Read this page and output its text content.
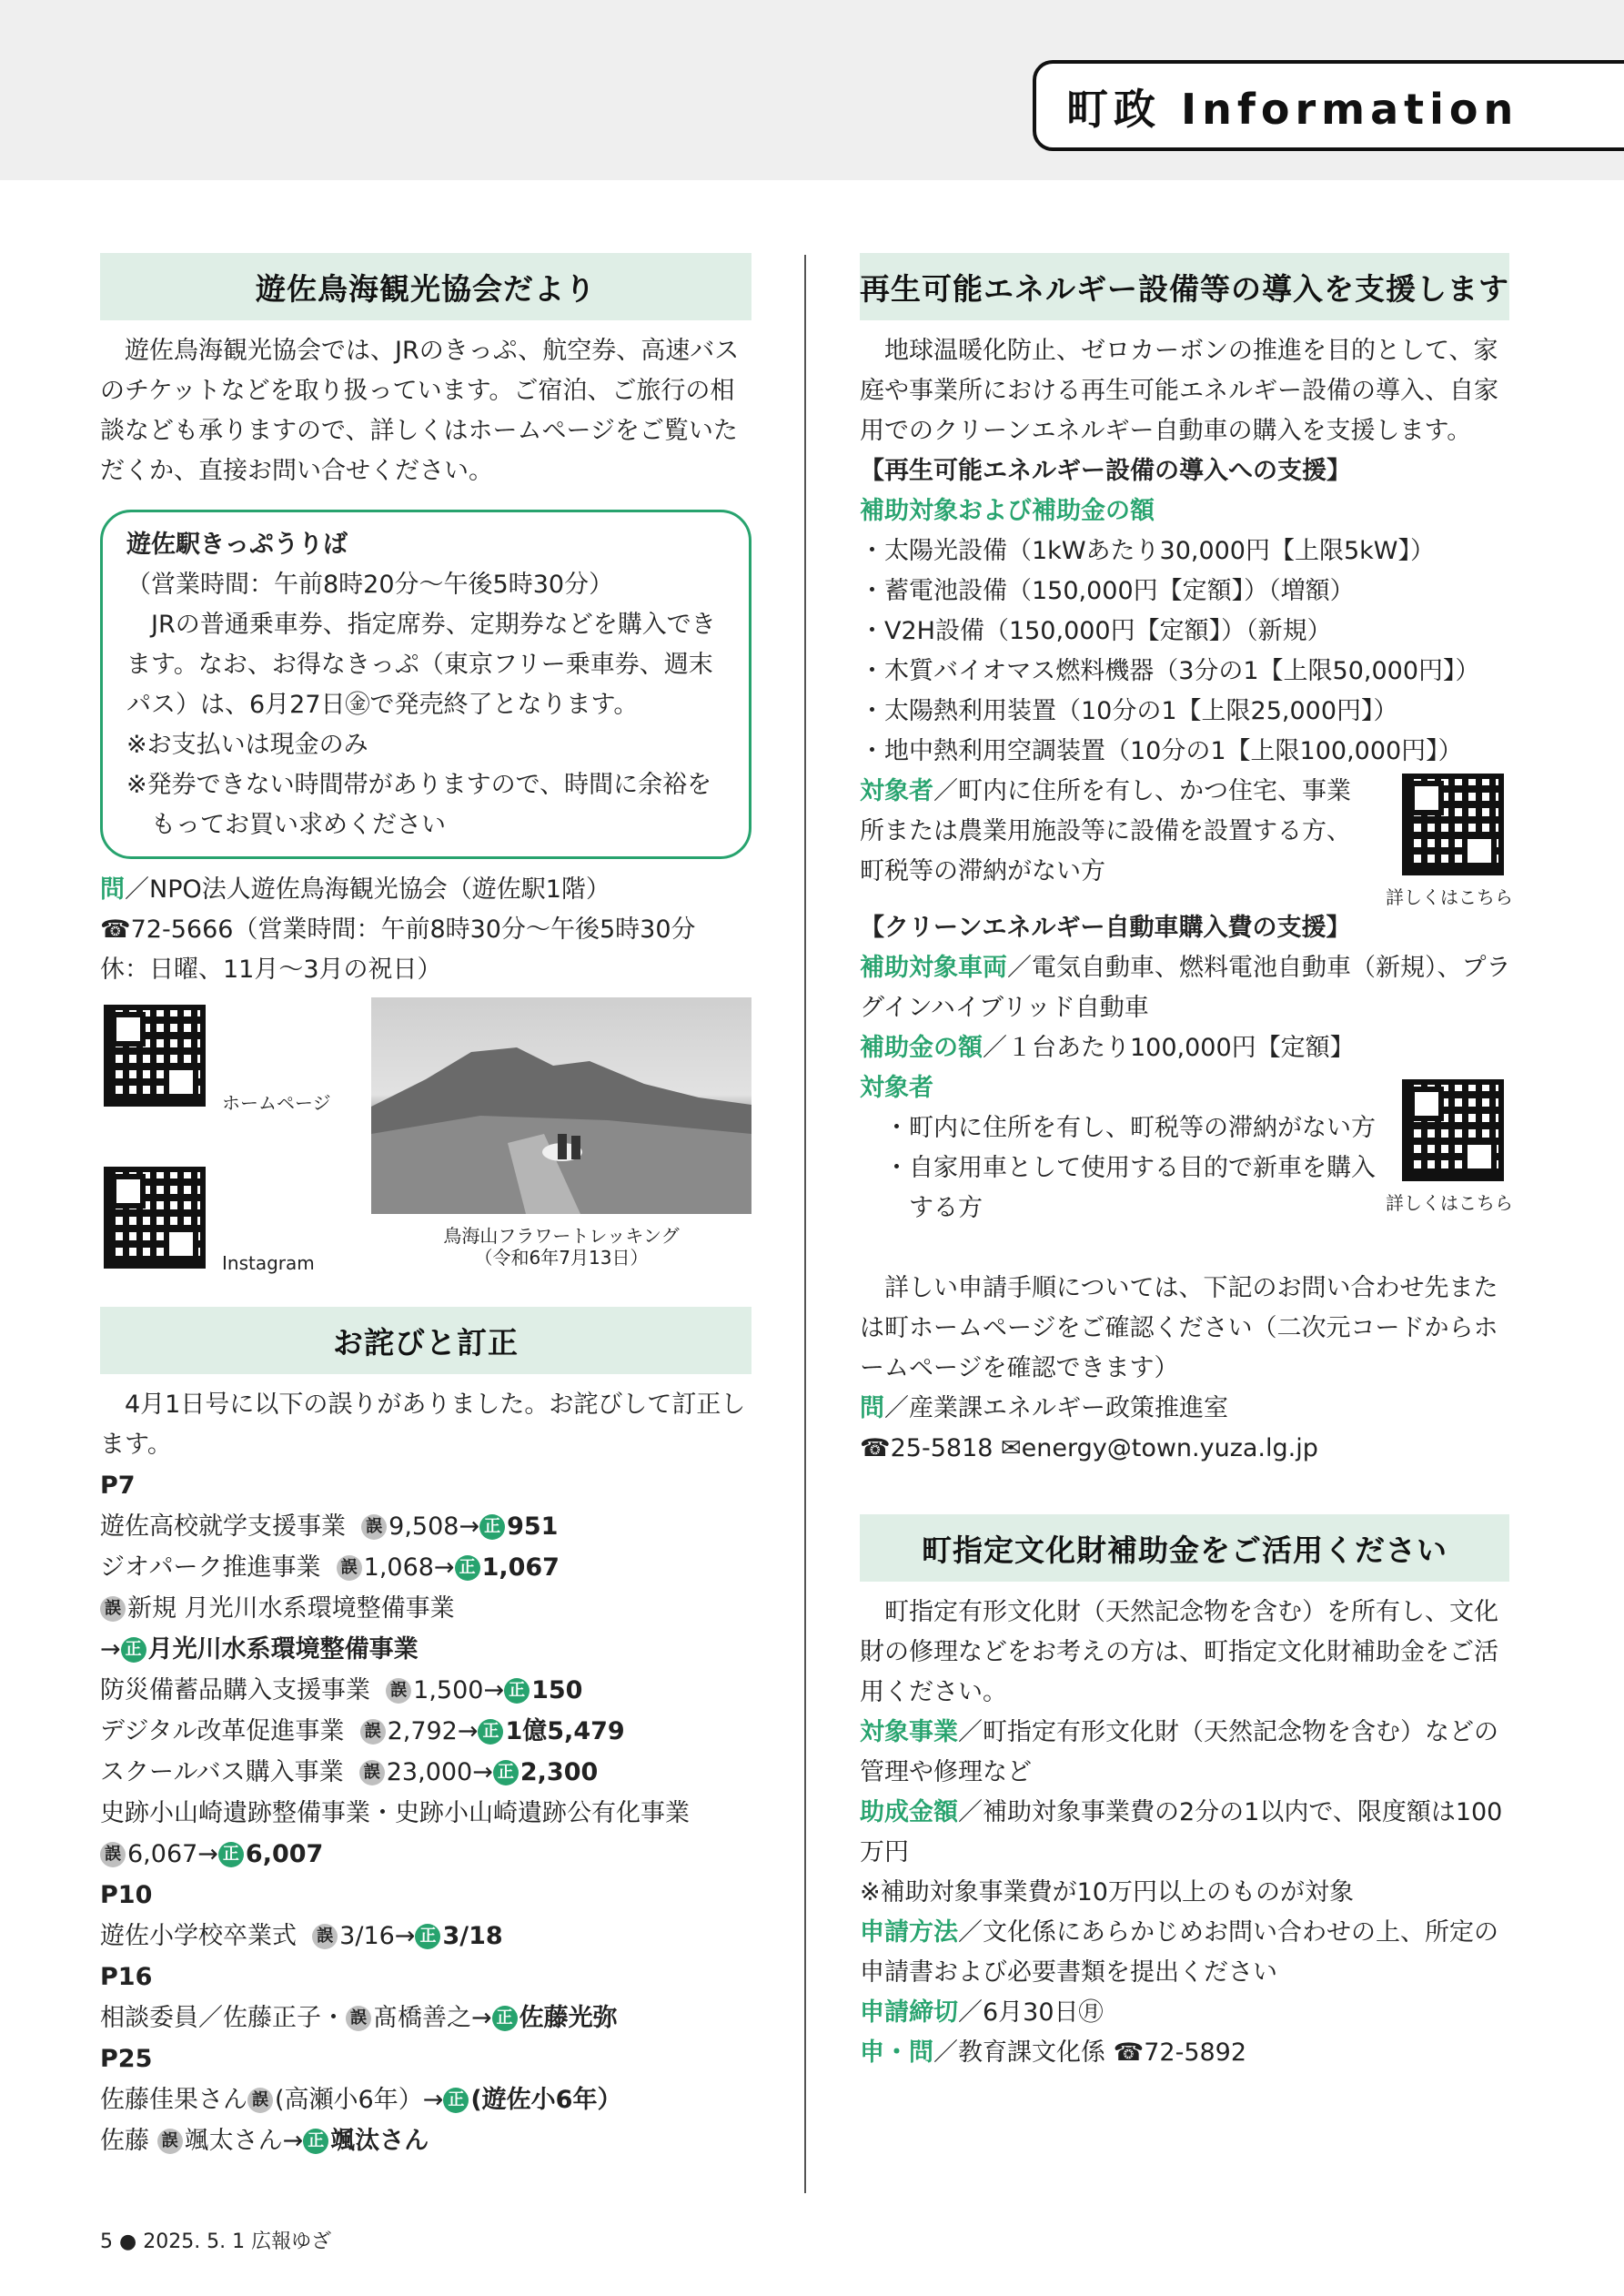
町政 Information
遊佐鳥海観光協会だより

遊佐鳥海観光協会では、JRのきっぷ、航空券、高速バスのチケットなどを取り扱っています。ご宿泊、ご旅行の相談なども承りますので、詳しくはホームページをご覧いただくか、直接お問い合せください。

遊佐駅きっぷうりば

（営業時間：午前8時20分～午後5時30分）

JRの普通乗車券、指定席券、定期券などを購入できます。なお、お得なきっぷ（東京フリー乗車券、週末パス）は、6月27日㊎で発売終了となります。

※お支払いは現金のみ

※発券できない時間帯がありますので、時間に余裕をもってお買い求めください

問／NPO法人遊佐鳥海観光協会（遊佐駅1階）

☎72-5666（営業時間：午前8時30分～午後5時30分

休：日曜、11月～3月の祝日）

ホームページ
Instagram
鳥海山フラワートレッキング
（令和6年7月13日）
お詫びと訂正

4月1日号に以下の誤りがありました。お詫びして訂正します。

P7

遊佐高校就学支援事業 誤 9,508→ 正 951

ジオパーク推進事業 誤 1,068→ 正 1,067

誤 新規 月光川水系環境整備事業

→ 正 月光川水系環境整備事業

防災備蓄品購入支援事業 誤 1,500→ 正 150

デジタル改革促進事業 誤 2,792→ 正 1億5,479

スクールバス購入事業 誤 23,000→ 正 2,300

史跡小山崎遺跡整備事業・史跡小山崎遺跡公有化事業

誤 6,067→ 正 6,007

P10

遊佐小学校卒業式 誤 3/16→ 正 3/18

P16

相談委員／佐藤正子・ 誤 髙橋善之→ 正 佐藤光弥

P25

佐藤佳果さん 誤 (高瀬小6年）→ 正 (遊佐小6年）

佐藤 誤 颯太さん→ 正 颯汰さん

再生可能エネルギー設備等の導入を支援します

地球温暖化防止、ゼロカーボンの推進を目的として、家庭や事業所における再生可能エネルギー設備の導入、自家用でのクリーンエネルギー自動車の購入を支援します。

【再生可能エネルギー設備の導入への支援】

補助対象および補助金の額

・太陽光設備（1kWあたり30,000円【上限5kW】）

・蓄電池設備（150,000円【定額】）（増額）

・V2H設備（150,000円【定額】）（新規）

・木質バイオマス燃料機器（3分の1【上限50,000円】）

・太陽熱利用装置（10分の1【上限25,000円】）

・地中熱利用空調装置（10分の1【上限100,000円】）

対象者／町内に住所を有し、かつ住宅、事業所または農業用施設等に設備を設置する方、町税等の滞納がない方

詳しくはこちら

【クリーンエネルギー自動車購入費の支援】

補助対象車両／電気自動車、燃料電池自動車（新規）、プラグインハイブリッド自動車

補助金の額／１台あたり100,000円【定額】

対象者

・町内に住所を有し、町税等の滞納がない方

・自家用車として使用する目的で新車を購入する方	詳しくはこちら

詳しい申請手順については、下記のお問い合わせ先または町ホームページをご確認ください（二次元コードからホームページを確認できます）

問／産業課エネルギー政策推進室

☎25-5818 ✉energy@town.yuza.lg.jp

町指定文化財補助金をご活用ください

町指定有形文化財（天然記念物を含む）を所有し、文化財の修理などをお考えの方は、町指定文化財補助金をご活用ください。

対象事業／町指定有形文化財（天然記念物を含む）などの管理や修理など

助成金額／補助対象事業費の2分の1以内で、限度額は100万円

※補助対象事業費が10万円以上のものが対象

申請方法／文化係にあらかじめお問い合わせの上、所定の申請書および必要書類を提出ください

申請締切／6月30日㊊

申・問／教育課文化係 ☎72-5892

5 ● 2025. 5. 1 広報ゆざ
